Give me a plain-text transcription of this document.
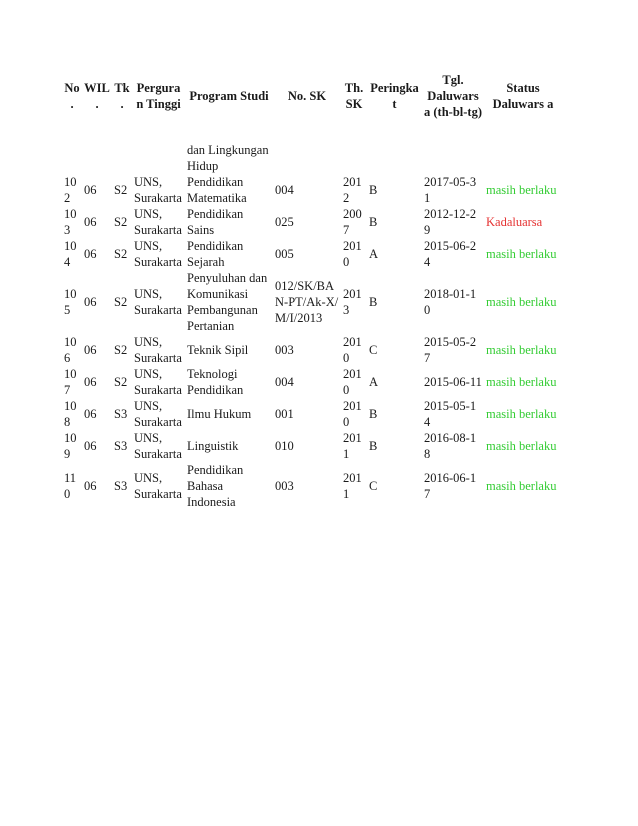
No .	WIL .	Tk .	Pergura n Tinggi	Program Studi	No. SK	Th. SK	Peringka t	Tgl. Daluwars a (th-bl-tg)	Status Daluwars a
				dan Lingkungan Hidup					
102	06	S2	UNS, Surakarta	Pendidikan Matematika	004	2012	B	2017-05-31	masih berlaku
103	06	S2	UNS, Surakarta	Pendidikan Sains	025	2007	B	2012-12-29	Kadaluarsa
104	06	S2	UNS, Surakarta	Pendidikan Sejarah	005	2010	A	2015-06-24	masih berlaku
105	06	S2	UNS, Surakarta	Penyuluhan dan Komunikasi Pembangunan Pertanian	012/SK/BAN-PT/Ak-X/M/I/2013	2013	B	2018-01-10	masih berlaku
106	06	S2	UNS, Surakarta	Teknik Sipil	003	2010	C	2015-05-27	masih berlaku
107	06	S2	UNS, Surakarta	Teknologi Pendidikan	004	2010	A	2015-06-11	masih berlaku
108	06	S3	UNS, Surakarta	Ilmu Hukum	001	2010	B	2015-05-14	masih berlaku
109	06	S3	UNS, Surakarta	Linguistik	010	2011	B	2016-08-18	masih berlaku
110	06	S3	UNS, Surakarta	Pendidikan Bahasa Indonesia	003	2011	C	2016-06-17	masih berlaku
